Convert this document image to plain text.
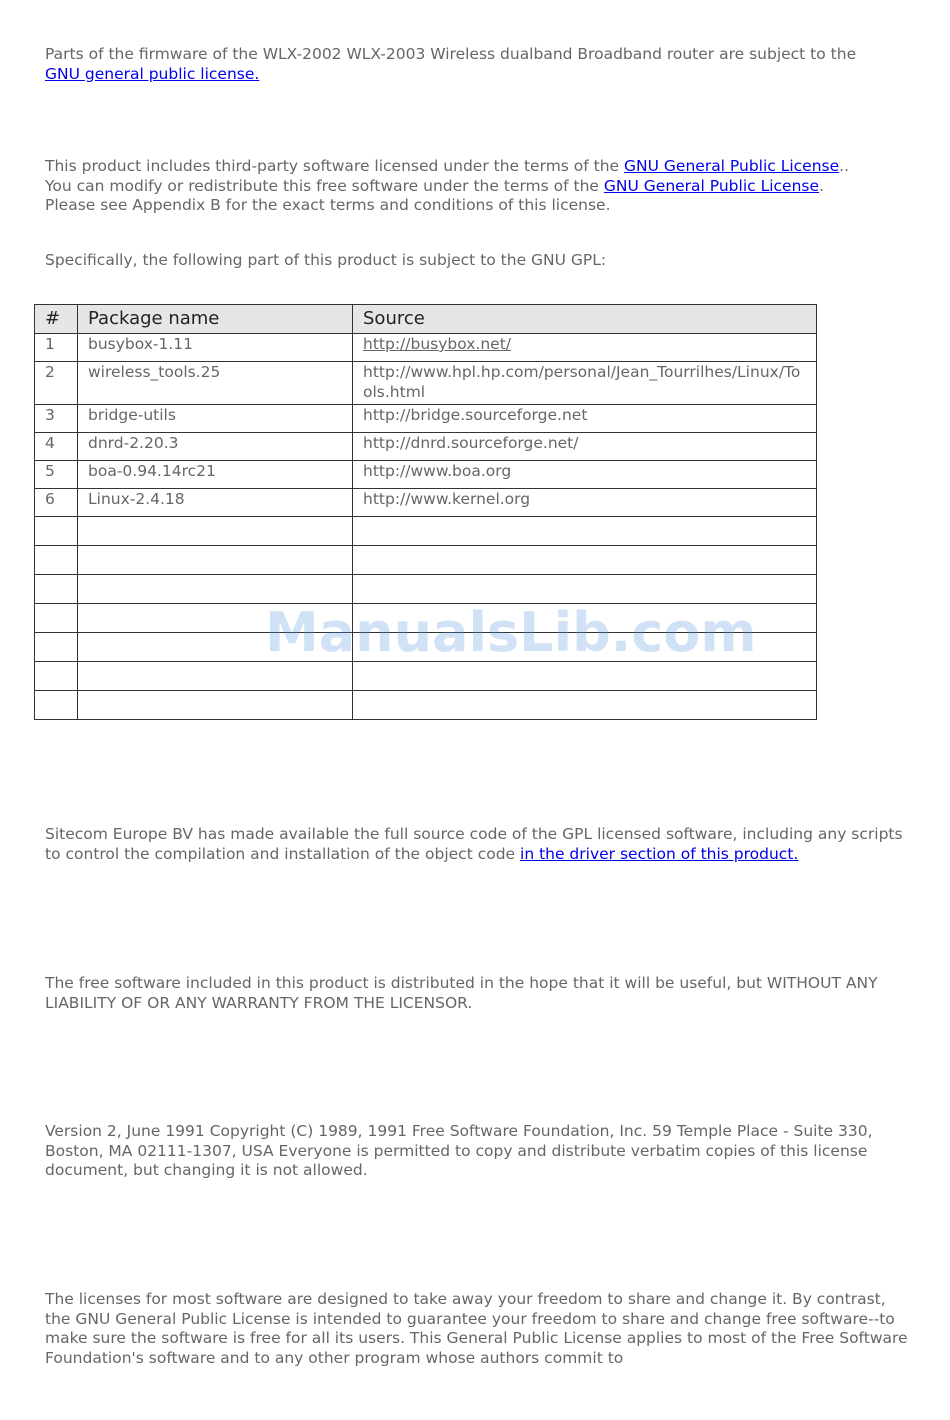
Parts of the firmware of the WLX-2002 WLX-2003 Wireless dualband Broadband router are subject to the
GNU general public license.

This product includes third-party software licensed under the terms of the GNU General Public License..
You can modify or redistribute this free software under the terms of the GNU General Public License.
Please see Appendix B for the exact terms and conditions of this license.

Specifically, the following part of this product is subject to the GNU GPL:

#	Package name	Source
1	busybox-1.11	http://busybox.net/
2	wireless_tools.25	http://www.hpl.hp.com/personal/Jean_Tourrilhes/Linux/Tools.html
3	bridge-utils	http://bridge.sourceforge.net
4	dnrd-2.20.3	http://dnrd.sourceforge.net/
5	boa-0.94.14rc21	http://www.boa.org
6	Linux-2.4.18	http://www.kernel.org

ManualsLib.com

Sitecom Europe BV has made available the full source code of the GPL licensed software, including any scripts to control the compilation and installation of the object code in the driver section of this product.

The free software included in this product is distributed in the hope that it will be useful, but WITHOUT ANY LIABILITY OF OR ANY WARRANTY FROM THE LICENSOR.

Version 2, June 1991 Copyright (C) 1989, 1991 Free Software Foundation, Inc. 59 Temple Place - Suite 330, Boston, MA 02111-1307, USA Everyone is permitted to copy and distribute verbatim copies of this license document, but changing it is not allowed.

The licenses for most software are designed to take away your freedom to share and change it. By contrast, the GNU General Public License is intended to guarantee your freedom to share and change free software--to make sure the software is free for all its users. This General Public License applies to most of the Free Software Foundation's software and to any other program whose authors commit to
